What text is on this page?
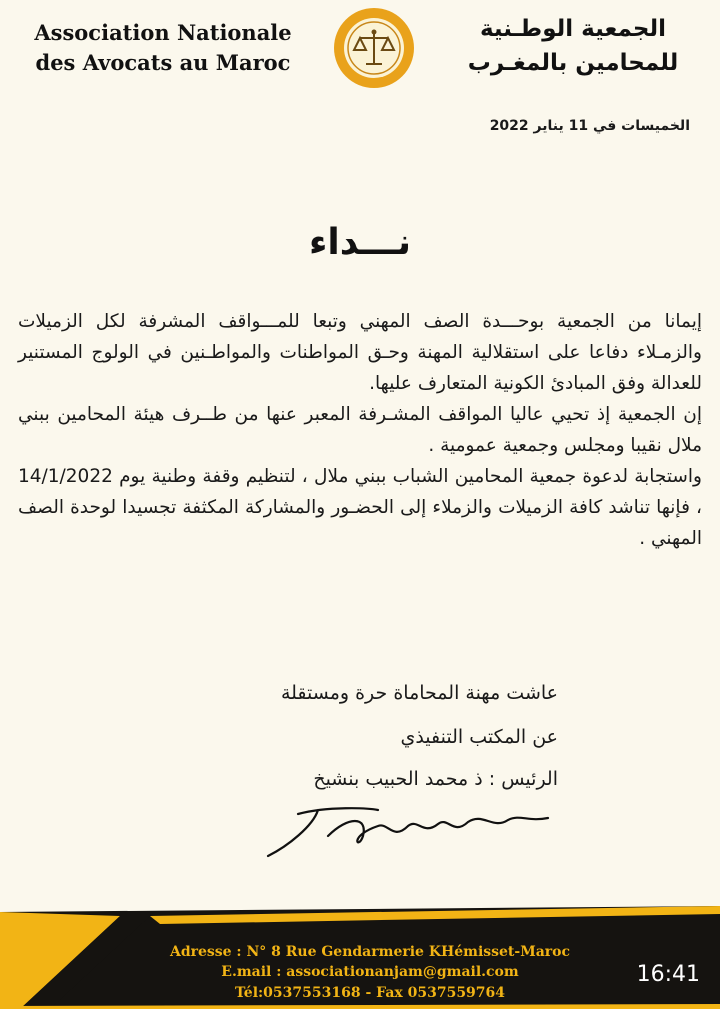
Association Nationale
des Avocats au Maroc
الجمعية الوطـنية
للمحامين بالمغـرب
الخميسات في 11 يناير 2022
نـــداء

إيمانا من الجمعية بوحـــدة الصف المهني وتبعا للمـــواقف المشرفة لكل الزميلات والزمـلاء دفاعا على استقلالية المهنة وحـق المواطنات والمواطـنين في الولوج المستنير للعدالة وفق المبادئ الكونية المتعارف عليها.

إن الجمعية إذ تحيي عاليا المواقف المشـرفة المعبر عنها من طــرف هيئة المحامين ببني ملال نقيبا ومجلس وجمعية عمومية .

واستجابة لدعوة جمعية المحامين الشباب ببني ملال ، لتنظيم وقفة وطنية يوم 14/1/2022 ، فإنها تناشد كافة الزميلات والزملاء إلى الحضـور والمشاركة المكثفة تجسيدا لوحدة الصف المهني .

عاشت مهنة المحاماة حرة ومستقلة
عن المكتب التنفيذي
الرئيس : ذ محمد الحبيب بنشيخ
Adresse : N° 8 Rue Gendarmerie KHémisset-Maroc
E.mail : associationanjam@gmail.com
Tél:0537553168 - Fax 0537559764
16:41
